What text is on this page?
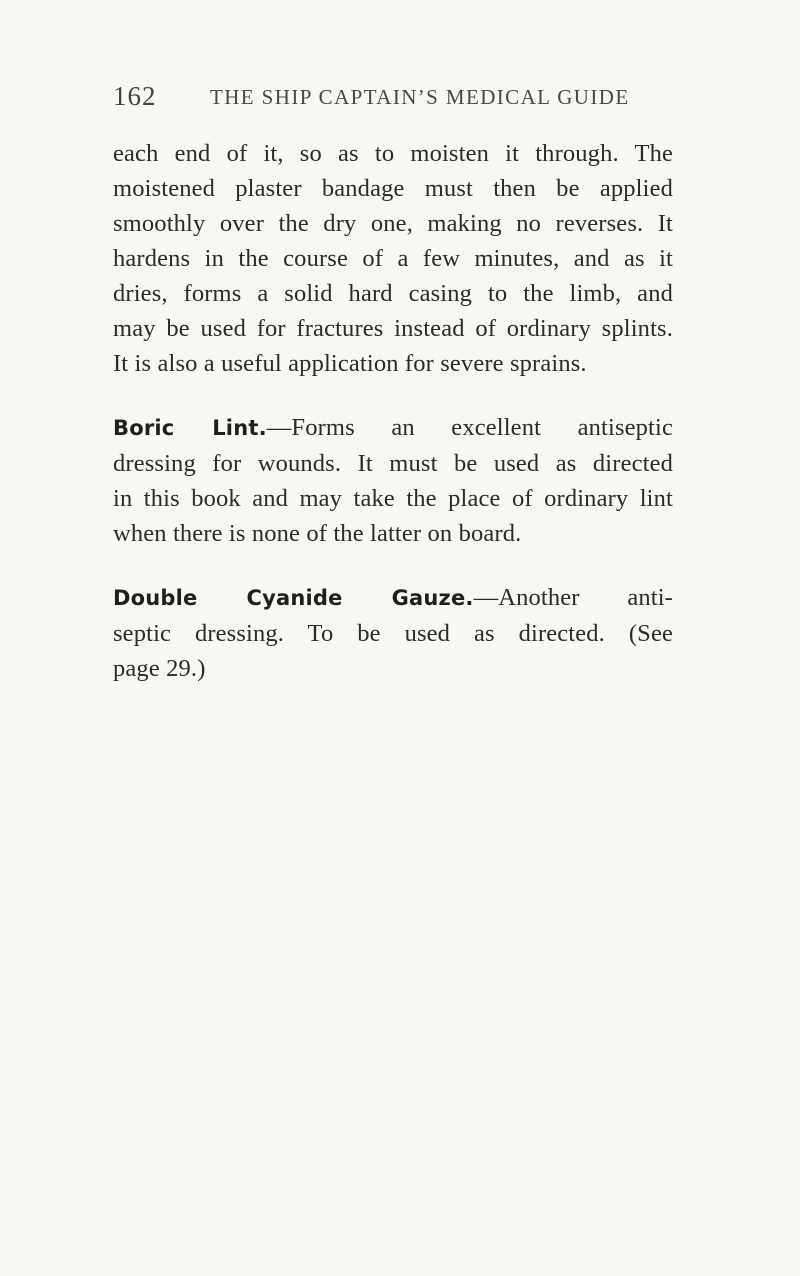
162	THE SHIP CAPTAIN’S MEDICAL GUIDE

each end of it, so as to moisten it through. The
moistened plaster bandage must then be applied
smoothly over the dry one, making no reverses. It
hardens in the course of a few minutes, and as it
dries, forms a solid hard casing to the limb, and
may be used for fractures instead of ordinary splints.
It is also a useful application for severe sprains.

Boric Lint.—Forms an excellent antiseptic
dressing for wounds. It must be used as directed
in this book and may take the place of ordinary lint
when there is none of the latter on board.

Double Cyanide Gauze.—Another anti-
septic dressing. To be used as directed. (See
page 29.)
